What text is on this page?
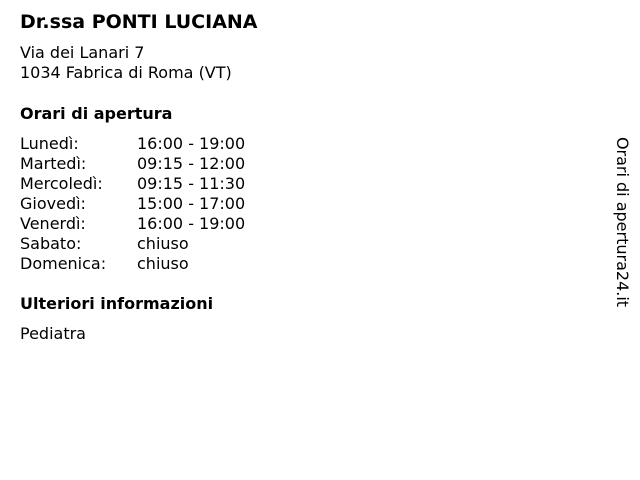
Dr.ssa PONTI LUCIANA
Via dei Lanari 7
1034 Fabrica di Roma (VT)
Orari di apertura
Lunedì:	16:00 - 19:00
Martedì:	09:15 - 12:00
Mercoledì: 09:15 - 11:30
Giovedì:	15:00 - 17:00
Venerdì:	16:00 - 19:00
Sabato:	chiuso
Domenica: chiuso
Ulteriori informazioni
Pediatra
Orari di apertura24.it
